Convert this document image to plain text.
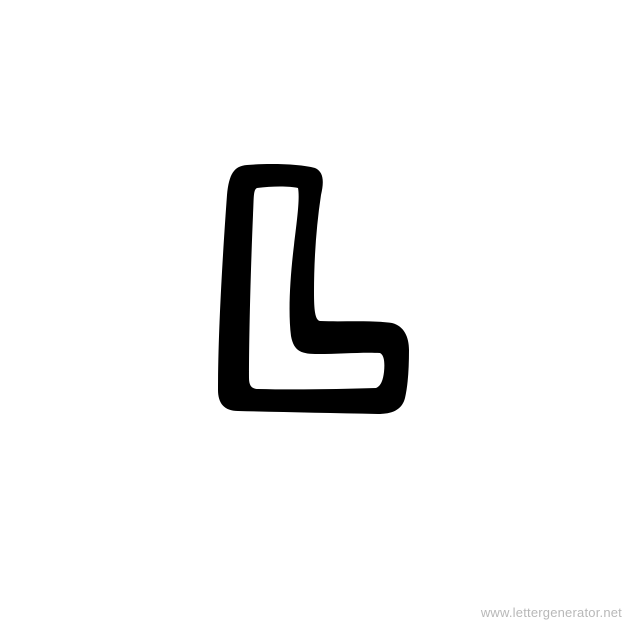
www.lettergenerator.net
